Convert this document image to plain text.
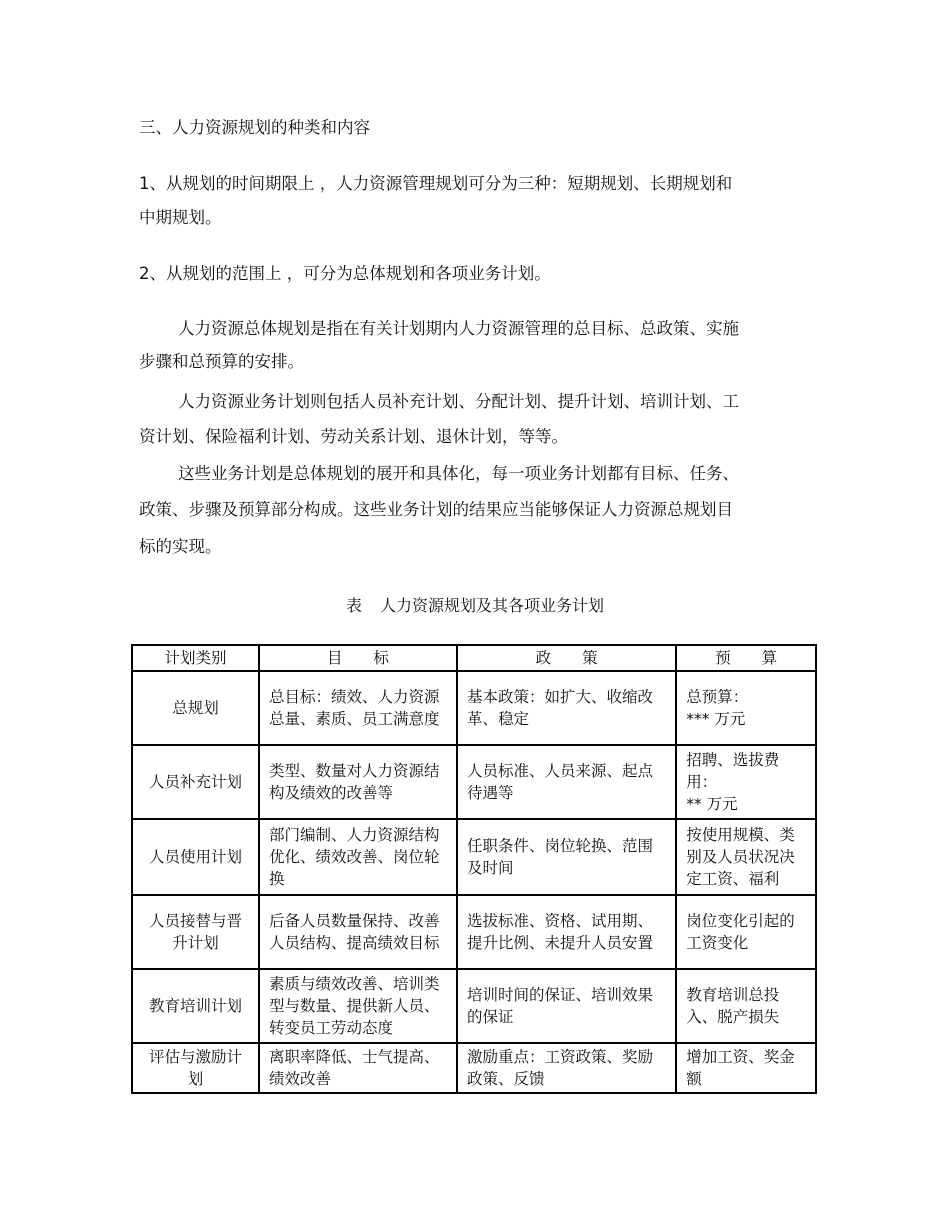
三、人力资源规划的种类和内容
1、从规划的时间期限上 ，人力资源管理规划可分为三种：短期规划、长期规划和
中期规划。
2、从规划的范围上 ，可分为总体规划和各项业务计划。
人力资源总体规划是指在有关计划期内人力资源管理的总目标、总政策、实施
步骤和总预算的安排。
人力资源业务计划则包括人员补充计划、分配计划、提升计划、培训计划、工
资计划、保险福利计划、劳动关系计划、退休计划，等等。
这些业务计划是总体规划的展开和具体化，每一项业务计划都有目标、任务、
政策、步骤及预算部分构成。这些业务计划的结果应当能够保证人力资源总规划目
标的实现。
表 人力资源规划及其各项业务计划
计划类别	目　　标	政　　策	预　　算
总规划	总目标：绩效、人力资源总量、素质、员工满意度	基本政策：如扩大、收缩改革、稳定	总预算：
*** 万元
人员补充计划	类型、数量对人力资源结构及绩效的改善等	人员标准、人员来源、起点待遇等	招聘、选拔费用：
** 万元
人员使用计划	部门编制、人力资源结构优化、绩效改善、岗位轮换	任职条件、岗位轮换、范围及时间	按使用规模、类别及人员状况决定工资、福利
人员接替与晋升计划	后备人员数量保持、改善人员结构、提高绩效目标	选拔标准、资格、试用期、提升比例、未提升人员安置	岗位变化引起的工资变化
教育培训计划	素质与绩效改善、培训类型与数量、提供新人员、转变员工劳动态度	培训时间的保证、培训效果的保证	教育培训总投入、脱产损失
评估与激励计划	离职率降低、士气提高、绩效改善	激励重点：工资政策、奖励政策、反馈	增加工资、奖金额
